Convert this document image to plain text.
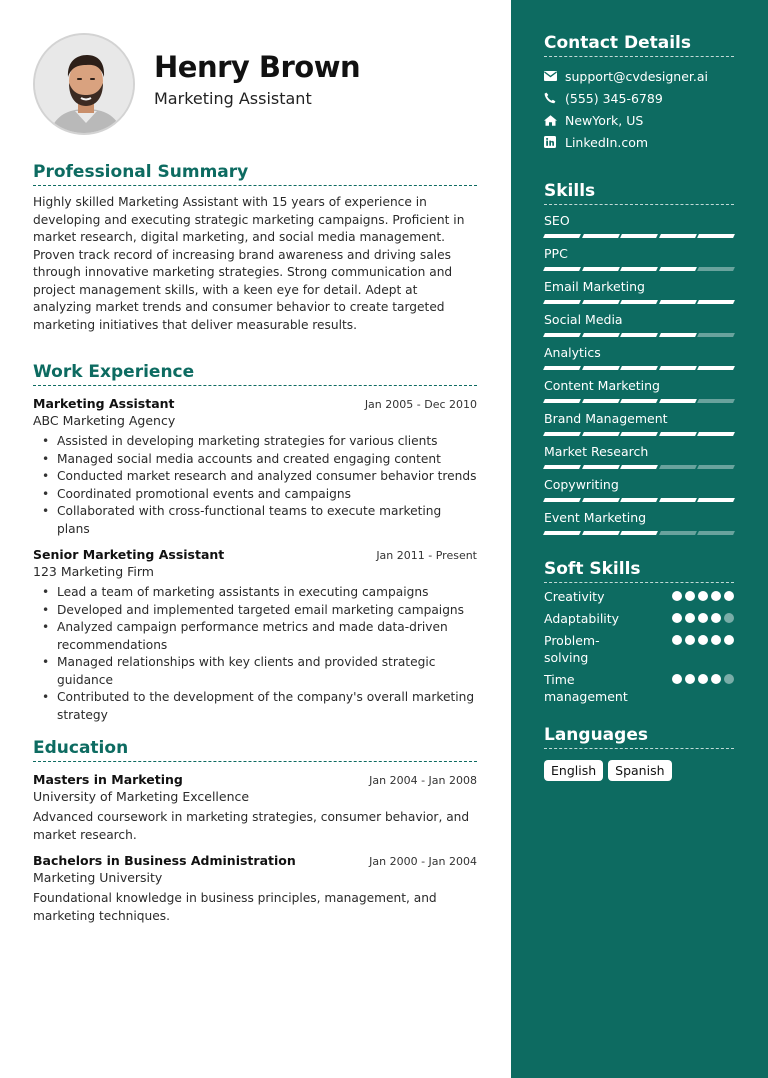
Henry Brown
Marketing Assistant
Professional Summary
Highly skilled Marketing Assistant with 15 years of experience in developing and executing strategic marketing campaigns. Proficient in market research, digital marketing, and social media management. Proven track record of increasing brand awareness and driving sales through innovative marketing strategies. Strong communication and project management skills, with a keen eye for detail. Adept at analyzing market trends and consumer behavior to create targeted marketing initiatives that deliver measurable results.
Work Experience
Marketing Assistant	Jan 2005 - Dec 2010
ABC Marketing Agency
• Assisted in developing marketing strategies for various clients
• Managed social media accounts and created engaging content
• Conducted market research and analyzed consumer behavior trends
• Coordinated promotional events and campaigns
• Collaborated with cross-functional teams to execute marketing plans
Senior Marketing Assistant	Jan 2011 - Present
123 Marketing Firm
• Lead a team of marketing assistants in executing campaigns
• Developed and implemented targeted email marketing campaigns
• Analyzed campaign performance metrics and made data-driven recommendations
• Managed relationships with key clients and provided strategic guidance
• Contributed to the development of the company's overall marketing strategy
Education
Masters in Marketing	Jan 2004 - Jan 2008
University of Marketing Excellence
Advanced coursework in marketing strategies, consumer behavior, and market research.
Bachelors in Business Administration	Jan 2000 - Jan 2004
Marketing University
Foundational knowledge in business principles, management, and marketing techniques.
Contact Details
support@cvdesigner.ai
(555) 345-6789
NewYork, US
LinkedIn.com
Skills
SEO
PPC
Email Marketing
Social Media
Analytics
Content Marketing
Brand Management
Market Research
Copywriting
Event Marketing
Soft Skills
Creativity
Adaptability
Problem-solving
Time management
Languages
English	Spanish
